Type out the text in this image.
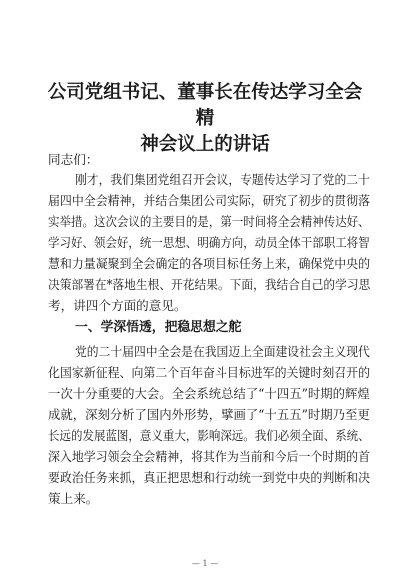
公司党组书记、董事长在传达学习全会精
神会议上的讲话

同志们：

刚才，我们集团党组召开会议，专题传达学习了党的二十

届四中全会精神，并结合集团公司实际，研究了初步的贯彻落

实举措。这次会议的主要目的是，第一时间将全会精神传达好、

学习好、领会好，统一思想、明确方向，动员全体干部职工将智

慧和力量凝聚到全会确定的各项目标任务上来，确保党中央的

决策部署在*落地生根、开花结果。下面，我结合自己的学习思

考，讲四个方面的意见。

一、学深悟透，把稳思想之舵

党的二十届四中全会是在我国迈上全面建设社会主义现代

化国家新征程、向第二个百年奋斗目标进军的关键时刻召开的

一次十分重要的大会。全会系统总结了“十四五”时期的辉煌

成就，深刻分析了国内外形势，擘画了“十五五”时期乃至更

长远的发展蓝图，意义重大，影响深远。我们必须全面、系统、

深入地学习领会全会精神，将其作为当前和今后一个时期的首

要政治任务来抓，真正把思想和行动统一到党中央的判断和决

策上来。

— 1 —
